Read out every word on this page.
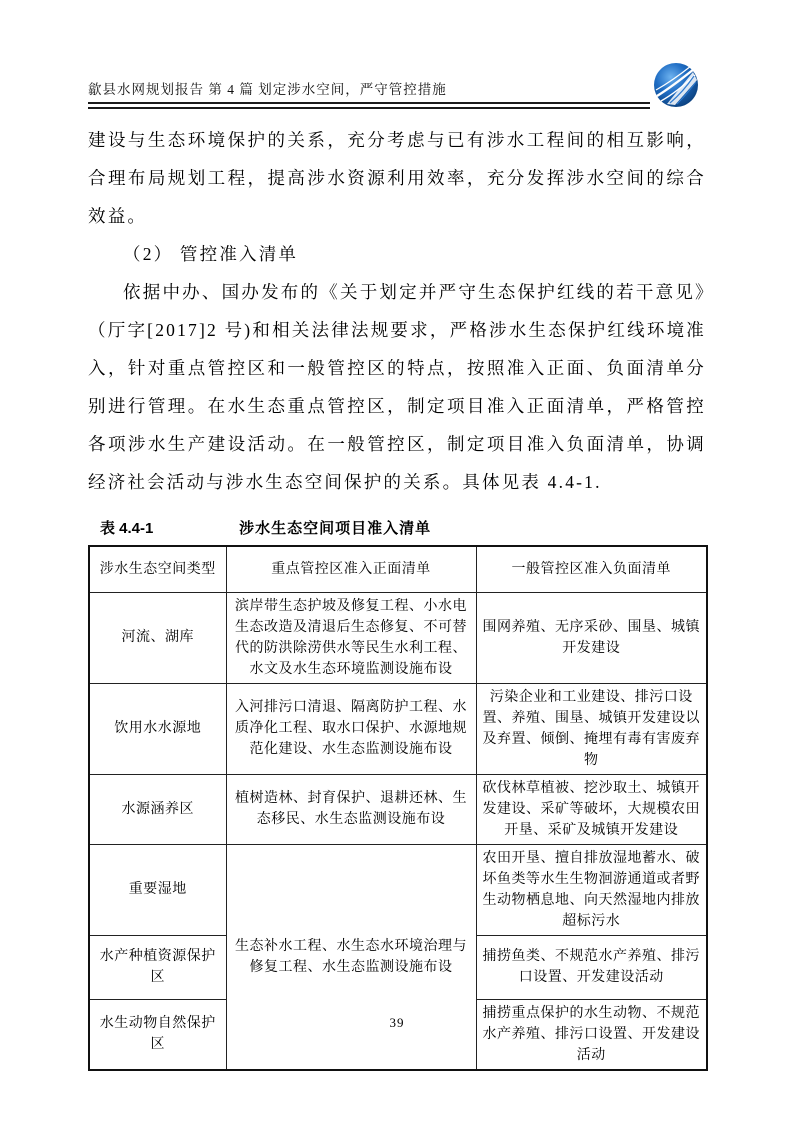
歙县水网规划报告 第 4 篇 划定涉水空间，严守管控措施

建设与生态环境保护的关系，充分考虑与已有涉水工程间的相互影响，合理布局规划工程，提高涉水资源利用效率，充分发挥涉水空间的综合效益。

（2） 管控准入清单

依据中办、国办发布的《关于划定并严守生态保护红线的若干意见》（厅字[2017]2 号)和相关法律法规要求，严格涉水生态保护红线环境准入，针对重点管控区和一般管控区的特点，按照准入正面、负面清单分别进行管理。在水生态重点管控区，制定项目准入正面清单，严格管控各项涉水生产建设活动。在一般管控区，制定项目准入负面清单，协调经济社会活动与涉水生态空间保护的关系。具体见表 4.4-1.

表 4.4-1	涉水生态空间项目准入清单
涉水生态空间类型	重点管控区准入正面清单	一般管控区准入负面清单
河流、湖库	滨岸带生态护坡及修复工程、小水电生态改造及清退后生态修复、不可替代的防洪除涝供水等民生水利工程、水文及水生态环境监测设施布设	围网养殖、无序采砂、围垦、城镇开发建设
饮用水水源地	入河排污口清退、隔离防护工程、水质净化工程、取水口保护、水源地规范化建设、水生态监测设施布设	污染企业和工业建设、排污口设置、养殖、围垦、城镇开发建设以及弃置、倾倒、掩埋有毒有害废弃物
水源涵养区	植树造林、封育保护、退耕还林、生态移民、水生态监测设施布设	砍伐林草植被、挖沙取土、城镇开发建设、采矿等破坏，大规模农田开垦、采矿及城镇开发建设
重要湿地	生态补水工程、水生态水环境治理与修复工程、水生态监测设施布设	农田开垦、擅自排放湿地蓄水、破坏鱼类等水生生物洄游通道或者野生动物栖息地、向天然湿地内排放超标污水
水产种植资源保护区		捕捞鱼类、不规范水产养殖、排污口设置、开发建设活动
水生动物自然保护区		捕捞重点保护的水生动物、不规范水产养殖、排污口设置、开发建设活动
39
